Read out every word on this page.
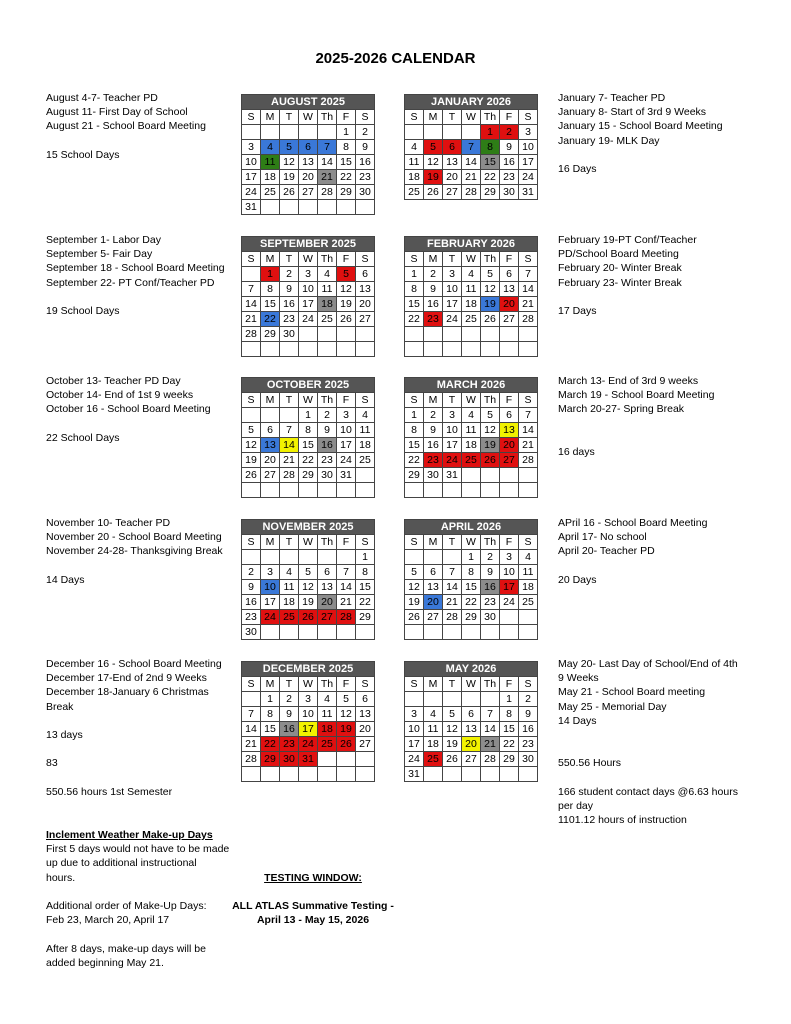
2025-2026 CALENDAR
AUGUST 2025						
S	M	T	W	Th	F	S
					1	2
3	4	5	6	7	8	9
10	11	12	13	14	15	16
17	18	19	20	21	22	23
24	25	26	27	28	29	30
31						
JANUARY 2026						
S	M	T	W	Th	F	S
				1	2	3
4	5	6	7	8	9	10
11	12	13	14	15	16	17
18	19	20	21	22	23	24
25	26	27	28	29	30	31
SEPTEMBER 2025						
S	M	T	W	Th	F	S
	1	2	3	4	5	6
7	8	9	10	11	12	13
14	15	16	17	18	19	20
21	22	23	24	25	26	27
28	29	30				

FEBRUARY 2026						
S	M	T	W	Th	F	S
1	2	3	4	5	6	7
8	9	10	11	12	13	14
15	16	17	18	19	20	21
22	23	24	25	26	27	28

OCTOBER 2025						
S	M	T	W	Th	F	S
			1	2	3	4
5	6	7	8	9	10	11
12	13	14	15	16	17	18
19	20	21	22	23	24	25
26	27	28	29	30	31	

MARCH 2026						
S	M	T	W	Th	F	S
1	2	3	4	5	6	7
8	9	10	11	12	13	14
15	16	17	18	19	20	21
22	23	24	25	26	27	28
29	30	31				

NOVEMBER 2025						
S	M	T	W	Th	F	S
						1
2	3	4	5	6	7	8
9	10	11	12	13	14	15
16	17	18	19	20	21	22
23	24	25	26	27	28	29
30						
APRIL 2026						
S	M	T	W	Th	F	S
			1	2	3	4
5	6	7	8	9	10	11
12	13	14	15	16	17	18
19	20	21	22	23	24	25
26	27	28	29	30		

DECEMBER 2025						
S	M	T	W	Th	F	S
	1	2	3	4	5	6
7	8	9	10	11	12	13
14	15	16	17	18	19	20
21	22	23	24	25	26	27
28	29	30	31			

MAY 2026						
S	M	T	W	Th	F	S
					1	2
3	4	5	6	7	8	9
10	11	12	13	14	15	16
17	18	19	20	21	22	23
24	25	26	27	28	29	30
31						
August 4-7- Teacher PD
August 11- First Day of School
August 21 - School Board Meeting

15 School Days
September 1- Labor Day
September 5- Fair Day
September 18 - School Board Meeting
September 22- PT Conf/Teacher PD

19 School Days
October 13- Teacher PD Day
October 14- End of 1st 9 weeks
October 16 - School Board Meeting

22 School Days
November 10- Teacher PD
November 20 - School Board Meeting
November 24-28- Thanksgiving Break

14 Days
December 16 - School Board Meeting
December 17-End of 2nd 9 Weeks
December 18-January 6 Christmas
Break

13 days

83

550.56 hours 1st Semester
Inclement Weather Make-up Days
First 5 days would not have to be made
up due to additional instructional
hours.

Additional order of Make-Up Days:
Feb 23, March 20, April 17

After 8 days, make-up days will be
added beginning May 21.
January 7- Teacher PD
January 8- Start of 3rd 9 Weeks
January 15 - School Board Meeting
January 19- MLK Day

16 Days
February 19-PT Conf/Teacher
PD/School Board Meeting
February 20- Winter Break
February 23- Winter Break

17 Days
March 13- End of 3rd 9 weeks
March 19 - School Board Meeting
March 20-27- Spring Break

16 days
APril 16 - School Board Meeting
April 17- No school
April 20- Teacher PD

20 Days
May 20- Last Day of School/End of 4th
9 Weeks
May 21 - School Board meeting
May 25 - Memorial Day
14 Days

550.56 Hours

166 student contact days @6.63 hours
per day
1101.12 hours of instruction
TESTING WINDOW:
ALL ATLAS Summative Testing -
April 13 - May 15, 2026
